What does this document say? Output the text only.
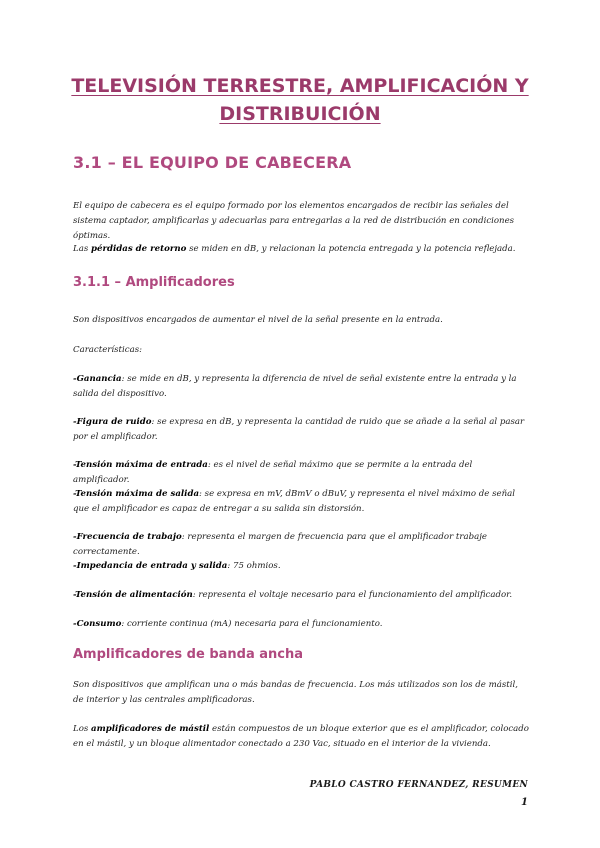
TELEVISIÓN TERRESTRE, AMPLIFICACIÓN Y DISTRIBUICIÓN
3.1 – EL EQUIPO DE CABECERA
El equipo de cabecera es el equipo formado por los elementos encargados de recibir las señales del sistema captador, amplificarlas y adecuarlas para entregarlas a la red de distribución en condiciones óptimas.
Las pérdidas de retorno se miden en dB, y relacionan la potencia entregada y la potencia reflejada.
3.1.1 – Amplificadores
Son dispositivos encargados de aumentar el nivel de la señal presente en la entrada.
Características:
-Ganancia: se mide en dB, y representa la diferencia de nivel de señal existente entre la entrada y la salida del dispositivo.
-Figura de ruido: se expresa en dB, y representa la cantidad de ruido que se añade a la señal al pasar por el amplificador.
-Tensión máxima de entrada: es el nivel de señal máximo que se permite a la entrada del amplificador.
-Tensión máxima de salida: se expresa en mV, dBmV o dBuV, y representa el nivel máximo de señal que el amplificador es capaz de entregar a su salida sin distorsión.
-Frecuencia de trabajo: representa el margen de frecuencia para que el amplificador trabaje correctamente.
-Impedancia de entrada y salida: 75 ohmios.
-Tensión de alimentación: representa el voltaje necesario para el funcionamiento del amplificador.
-Consumo: corriente continua (mA) necesaria para el funcionamiento.
Amplificadores de banda ancha
Son dispositivos que amplifican una o más bandas de frecuencia. Los más utilizados son los de mástil, de interior y las centrales amplificadoras.
Los amplificadores de mástil están compuestos de un bloque exterior que es el amplificador, colocado en el mástil, y un bloque alimentador conectado a 230 Vac, situado en el interior de la vivienda.
PABLO CASTRO FERNANDEZ, RESUMEN
1
